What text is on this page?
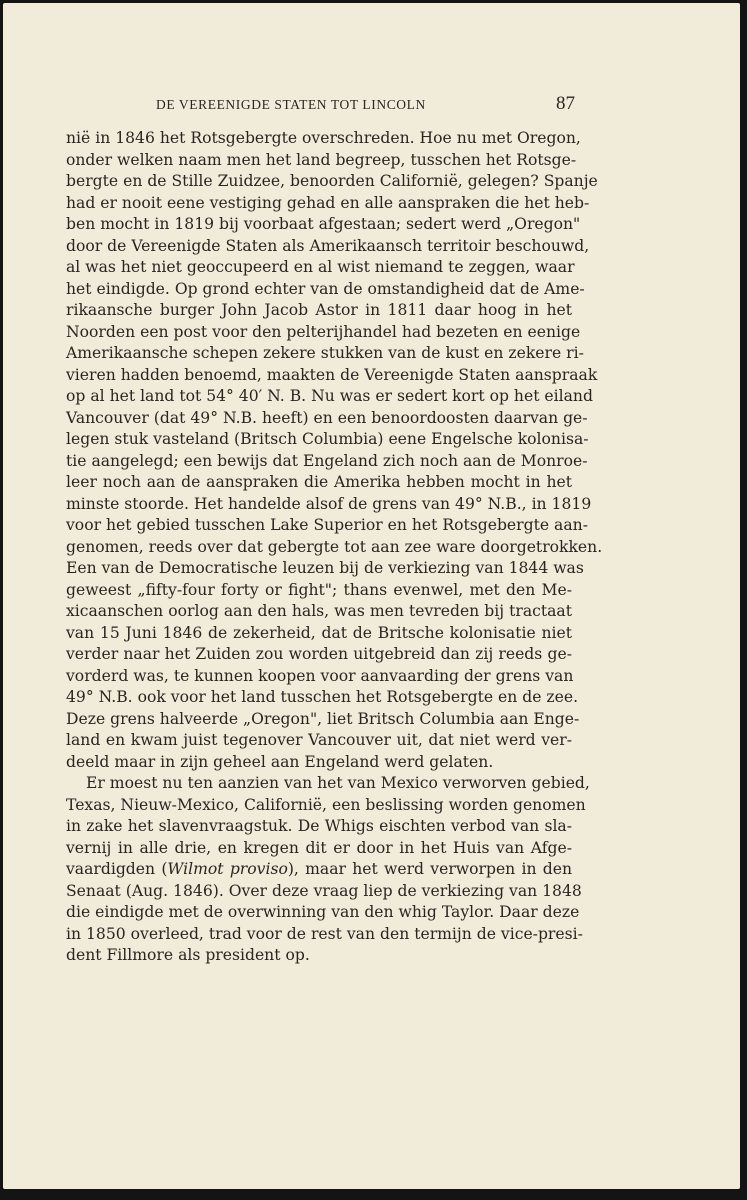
DE VEREENIGDE STATEN TOT LINCOLN	87
niё in 1846 het Rotsgebergte overschreden. Hoe nu met Oregon,
onder welken naam men het land begreep, tusschen het Rotsge-
bergte en de Stille Zuidzee, benoorden Californië, gelegen? Spanje
had er nooit eene vestiging gehad en alle aanspraken die het heb-
ben mocht in 1819 bij voorbaat afgestaan; sedert werd „Oregon"
door de Vereenigde Staten als Amerikaansch territoir beschouwd,
al was het niet geoccupeerd en al wist niemand te zeggen, waar
het eindigde. Op grond echter van de omstandigheid dat de Ame-
rikaansche burger John Jacob Astor in 1811 daar hoog in het
Noorden een post voor den pelterijhandel had bezeten en eenige
Amerikaansche schepen zekere stukken van de kust en zekere ri-
vieren hadden benoemd, maakten de Vereenigde Staten aanspraak
op al het land tot 54° 40′ N. B. Nu was er sedert kort op het eiland
Vancouver (dat 49° N.B. heeft) en een benoordoosten daarvan ge-
legen stuk vasteland (Britsch Columbia) eene Engelsche kolonisa-
tie aangelegd; een bewijs dat Engeland zich noch aan de Monroe-
leer noch aan de aanspraken die Amerika hebben mocht in het
minste stoorde. Het handelde alsof de grens van 49° N.B., in 1819
voor het gebied tusschen Lake Superior en het Rotsgebergte aan-
genomen, reeds over dat gebergte tot aan zee ware doorgetrokken.
Een van de Democratische leuzen bij de verkiezing van 1844 was
geweest „fifty-four forty or fight"; thans evenwel, met den Me-
xicaanschen oorlog aan den hals, was men tevreden bij tractaat
van 15 Juni 1846 de zekerheid, dat de Britsche kolonisatie niet
verder naar het Zuiden zou worden uitgebreid dan zij reeds ge-
vorderd was, te kunnen koopen voor aanvaarding der grens van
49° N.B. ook voor het land tusschen het Rotsgebergte en de zee.
Deze grens halveerde „Oregon", liet Britsch Columbia aan Enge-
land en kwam juist tegenover Vancouver uit, dat niet werd ver-
deeld maar in zijn geheel aan Engeland werd gelaten.
Er moest nu ten aanzien van het van Mexico verworven gebied,
Texas, Nieuw-Mexico, Californië, een beslissing worden genomen
in zake het slavenvraagstuk. De Whigs eischten verbod van sla-
vernij in alle drie, en kregen dit er door in het Huis van Afge-
vaardigden (Wilmot proviso), maar het werd verworpen in den
Senaat (Aug. 1846). Over deze vraag liep de verkiezing van 1848
die eindigde met de overwinning van den whig Taylor. Daar deze
in 1850 overleed, trad voor de rest van den termijn de vice-presi-
dent Fillmore als president op.
